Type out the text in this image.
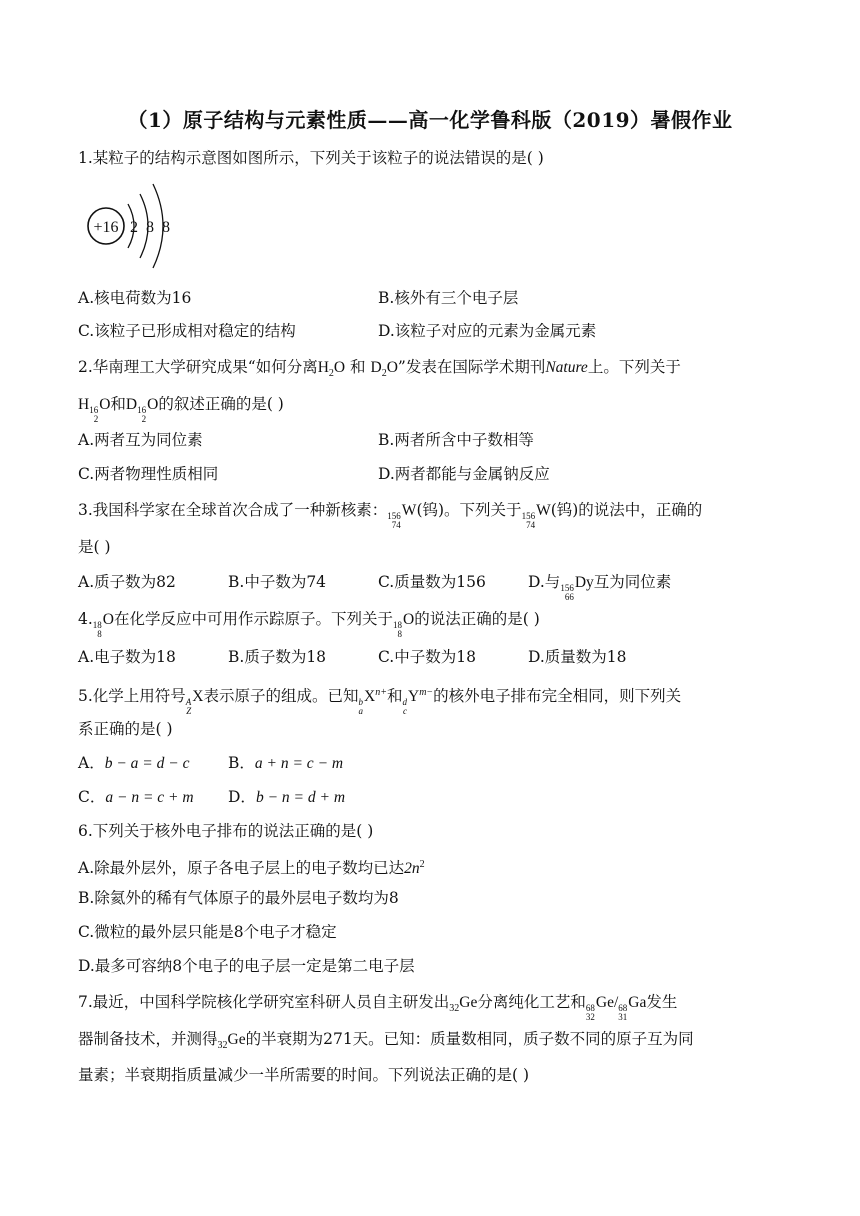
（1）原子结构与元素性质——高一化学鲁科版（2019）暑假作业
1.某粒子的结构示意图如图所示，下列关于该粒子的说法错误的是( )
+16 2 8 8
A.核电荷数为16	B.核外有三个电子层
C.该粒子已形成相对稳定的结构	D.该粒子对应的元素为金属元素
2.华南理工大学研究成果“如何分离$H_2O$ 和 $D_2O$”发表在国际学术期刊Nature上。下列关于
H 16
2
O和D 16
2
O的叙述正确的是( )
A.两者互为同位素	B.两者所含中子数相等
C.两者物理性质相同	D.两者都能与金属钠反应
3.我国科学家在全球首次合成了一种新核素： 156
74
W(钨)。下列关于 156
74
W(钨)的说法中，正确的
是( )
A.质子数为82	B.中子数为74	C.质量数为156	D.与 156
66
Dy互为同位素
4. 18
8
O在化学反应中可用作示踪原子。下列关于 18
8
O的说法正确的是( )
A.电子数为18	B.质子数为18	C.中子数为18	D.质量数为18
5.化学上用符号 A
Z
X表示原子的组成。已知 b
a
$X^{n+}$和 d
c
$Y^{m-}$的核外电子排布完全相同，则下列关
系正确的是( )
A．b − a = d − c B．a + n = c − m
C．a − n = c + m D．b − n = d + m
6.下列关于核外电子排布的说法正确的是( )
A.除最外层外，原子各电子层上的电子数均已达$2n^2$
B.除氦外的稀有气体原子的最外层电子数均为8
C.微粒的最外层只能是8个电子才稳定
D.最多可容纳8个电子的电子层一定是第二电子层
7.最近，中国科学院核化学研究室科研人员自主研发出$_{32}$Ge分离纯化工艺和 68
32
Ge/ 68
31
Ga发生
器制备技术，并测得$_{32}$Ge的半衰期为271天。已知：质量数相同，质子数不同的原子互为同
量素；半衰期指质量减少一半所需要的时间。下列说法正确的是( )
